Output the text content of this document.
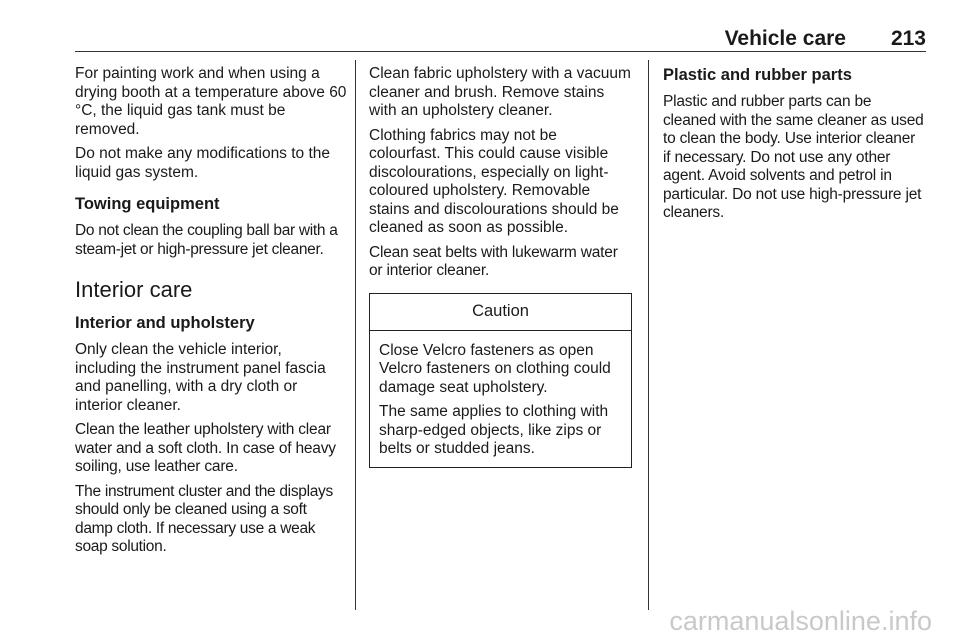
Vehicle care 213

For painting work and when using a drying booth at a temperature above 60 °C, the liquid gas tank must be removed.

Do not make any modifications to the liquid gas system.

Towing equipment

Do not clean the coupling ball bar with a steam-jet or high-pressure jet cleaner.

Interior care
Interior and upholstery

Only clean the vehicle interior, including the instrument panel fascia and panelling, with a dry cloth or interior cleaner.

Clean the leather upholstery with clear water and a soft cloth. In case of heavy soiling, use leather care.

The instrument cluster and the displays should only be cleaned using a soft damp cloth. If necessary use a weak soap solution.

Clean fabric upholstery with a vacuum cleaner and brush. Remove stains with an upholstery cleaner.

Clothing fabrics may not be colourfast. This could cause visible discolourations, especially on light-coloured upholstery. Removable stains and discolourations should be cleaned as soon as possible.

Clean seat belts with lukewarm water or interior cleaner.

Caution

Close Velcro fasteners as open Velcro fasteners on clothing could damage seat upholstery.

The same applies to clothing with sharp-edged objects, like zips or belts or studded jeans.

Plastic and rubber parts

Plastic and rubber parts can be cleaned with the same cleaner as used to clean the body. Use interior cleaner if necessary. Do not use any other agent. Avoid solvents and petrol in particular. Do not use high-pressure jet cleaners.

carmanualsonline.info
